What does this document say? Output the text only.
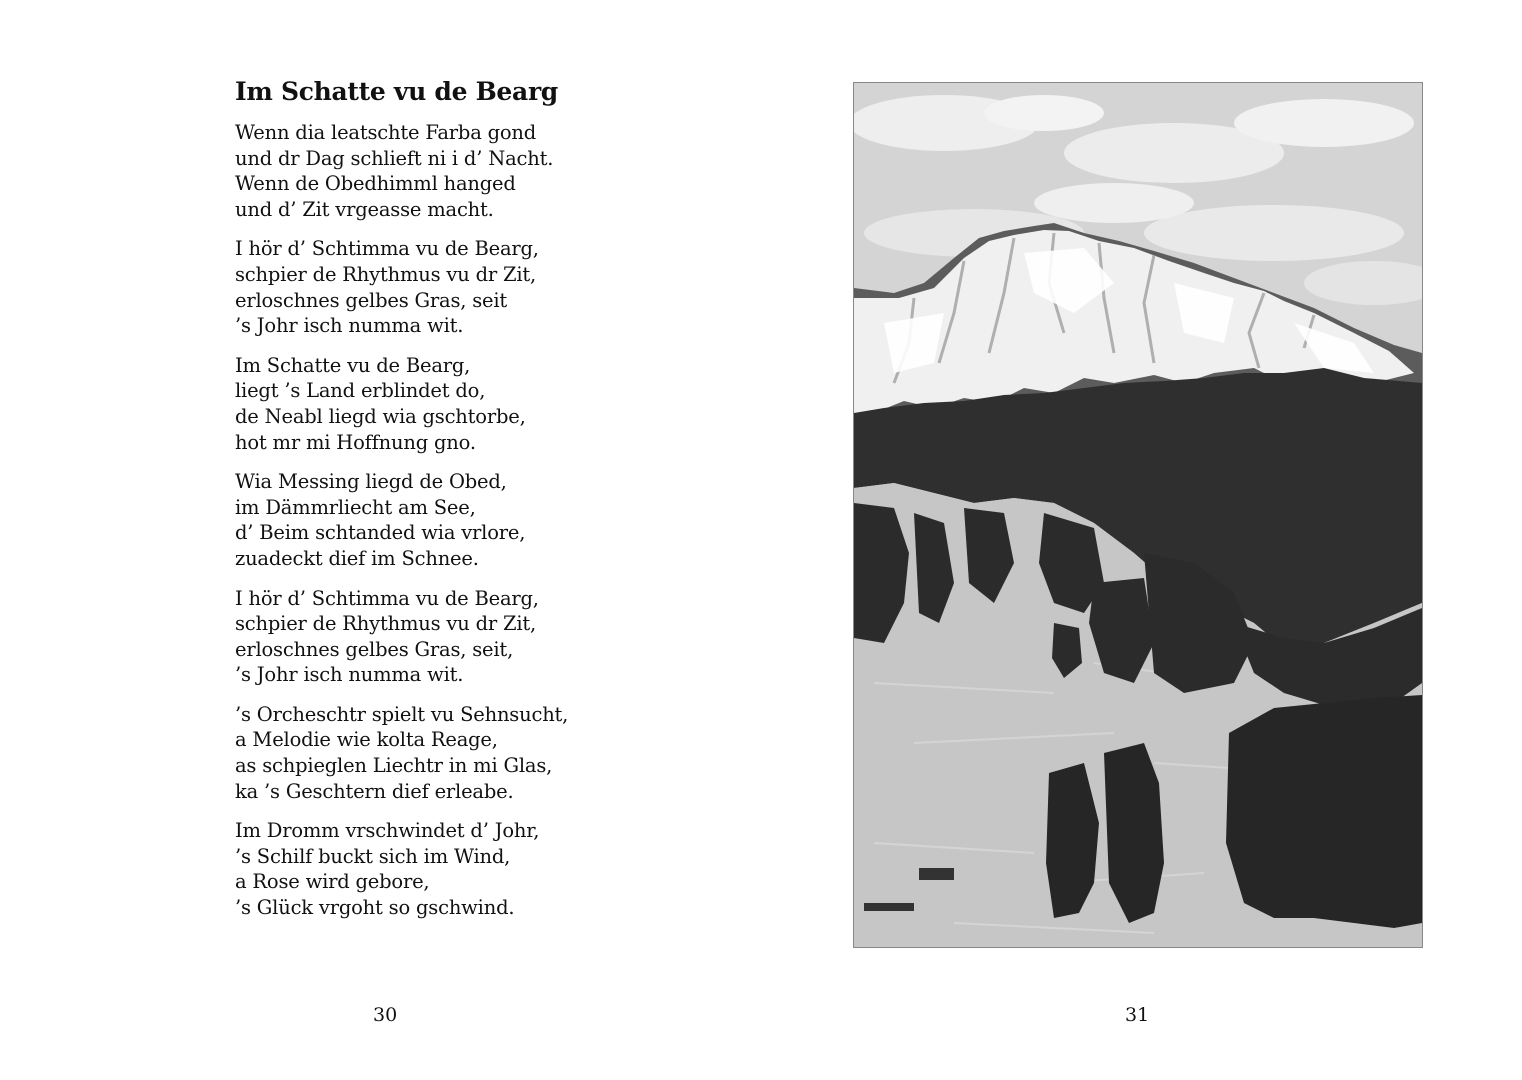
Im Schatte vu de Bearg
Wenn dia leatschte Farba gond
und dr Dag schlieft ni i d’ Nacht.
Wenn de Obedhimml hanged
und d’ Zit vrgeasse macht.
I hör d’ Schtimma vu de Bearg,
schpier de Rhythmus vu dr Zit,
erloschnes gelbes Gras, seit
’s Johr isch numma wit.
Im Schatte vu de Bearg,
liegt ’s Land erblindet do,
de Neabl liegd wia gschtorbe,
hot mr mi Hoffnung gno.
Wia Messing liegd de Obed,
im Dämmrliecht am See,
d’ Beim schtanded wia vrlore,
zuadeckt dief im Schnee.
I hör d’ Schtimma vu de Bearg,
schpier de Rhythmus vu dr Zit,
erloschnes gelbes Gras, seit,
’s Johr isch numma wit.
’s Orcheschtr spielt vu Sehnsucht,
a Melodie wie kolta Reage,
as schpieglen Liechtr in mi Glas,
ka ’s Geschtern dief erleabe.
Im Dromm vrschwindet d’ Johr,
’s Schilf buckt sich im Wind,
a Rose wird gebore,
’s Glück vrgoht so gschwind.
30	31
